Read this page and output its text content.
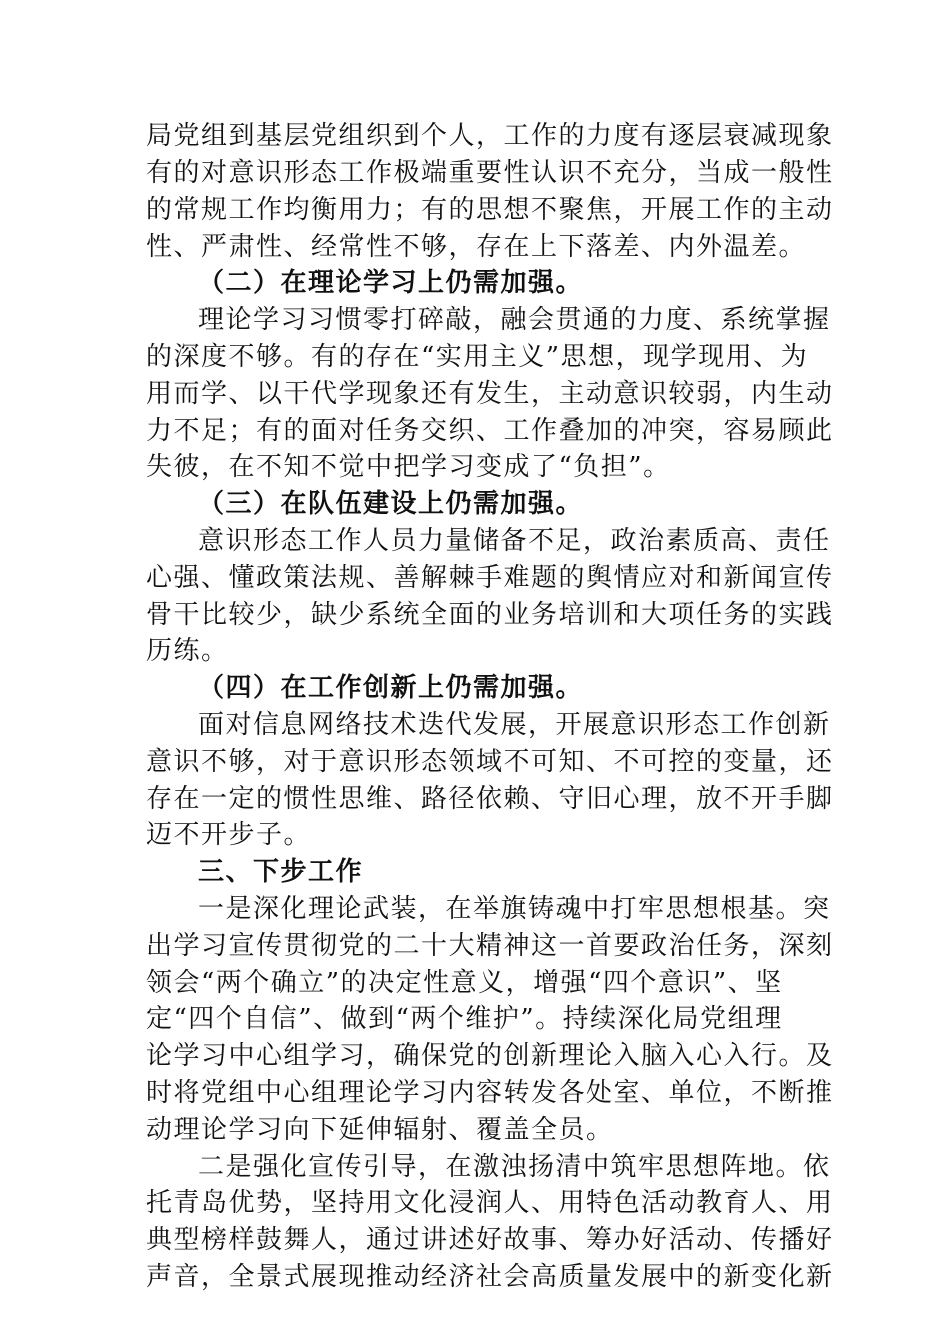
局党组到基层党组织到个人，工作的力度有逐层衰减现象
有的对意识形态工作极端重要性认识不充分，当成一般性
的常规工作均衡用力；有的思想不聚焦，开展工作的主动
性、严肃性、经常性不够，存在上下落差、内外温差。
（二）在理论学习上仍需加强。
理论学习习惯零打碎敲，融会贯通的力度、系统掌握
的深度不够。有的存在“实用主义”思想，现学现用、为
用而学、以干代学现象还有发生，主动意识较弱，内生动
力不足；有的面对任务交织、工作叠加的冲突，容易顾此
失彼，在不知不觉中把学习变成了“负担”。
（三）在队伍建设上仍需加强。
意识形态工作人员力量储备不足，政治素质高、责任
心强、懂政策法规、善解棘手难题的舆情应对和新闻宣传
骨干比较少，缺少系统全面的业务培训和大项任务的实践
历练。
（四）在工作创新上仍需加强。
面对信息网络技术迭代发展，开展意识形态工作创新
意识不够，对于意识形态领域不可知、不可控的变量，还
存在一定的惯性思维、路径依赖、守旧心理，放不开手脚
迈不开步子。
三、下步工作
一是深化理论武装，在举旗铸魂中打牢思想根基。突
出学习宣传贯彻党的二十大精神这一首要政治任务，深刻
领会“两个确立”的决定性意义，增强“四个意识”、坚
定“四个自信”、做到“两个维护”。持续深化局党组理
论学习中心组学习，确保党的创新理论入脑入心入行。及
时将党组中心组理论学习内容转发各处室、单位，不断推
动理论学习向下延伸辐射、覆盖全员。
二是强化宣传引导，在激浊扬清中筑牢思想阵地。依
托青岛优势，坚持用文化浸润人、用特色活动教育人、用
典型榜样鼓舞人，通过讲述好故事、筹办好活动、传播好
声音，全景式展现推动经济社会高质量发展中的新变化新
